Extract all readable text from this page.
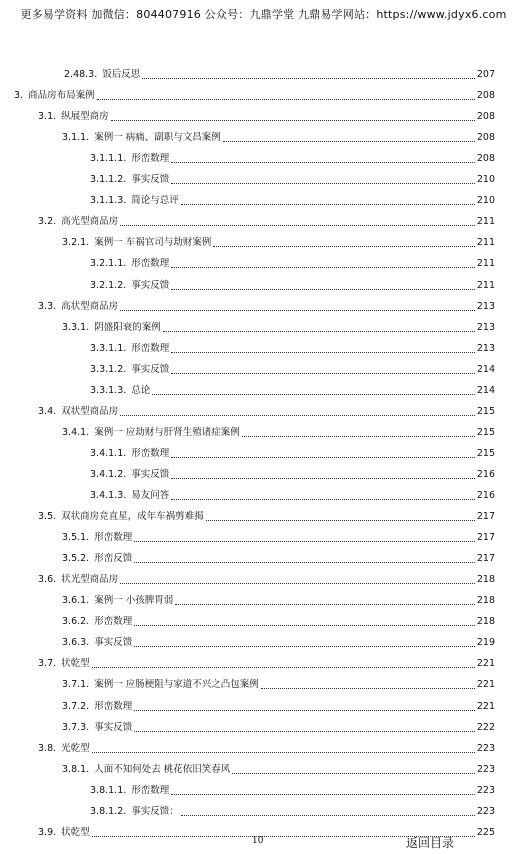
更多易学资料 加微信：804407916 公众号：九鼎学堂 九鼎易学网站：https://www.jdyx6.com
2.48.3. 饭后反思	207
3. 商品房布局案例	208
3.1. 纵展型商房	208
3.1.1. 案例一 病痛、副职与文昌案例	208
3.1.1.1. 形峦数理	208
3.1.1.2. 事实反馈	210
3.1.1.3. 简论与总评	210
3.2. 高光型商品房	211
3.2.1. 案例一 车祸官司与劫财案例	211
3.2.1.1. 形峦数理	211
3.2.1.2. 事实反馈	211
3.3. 高状型商品房	213
3.3.1. 阴盛阳衰的案例	213
3.3.1.1. 形峦数理	213
3.3.1.2. 事实反馈	214
3.3.1.3. 总论	214
3.4. 双状型商品房	215
3.4.1. 案例一 应劫财与肝肾生殖诸症案例	215
3.4.1.1. 形峦数理	215
3.4.1.2. 事实反馈	216
3.4.1.3. 易友问答	216
3.5. 双状商房竞直星，成年车祸剪难揭	217
3.5.1. 形峦数理	217
3.5.2. 形峦反馈	217
3.6. 状光型商品房	218
3.6.1. 案例一 小孩脾胃弱	218
3.6.2. 形峦数理	218
3.6.3. 事实反馈	219
3.7. 状乾型	221
3.7.1. 案例一 应肠梗阻与家道不兴之凸包案例	221
3.7.2. 形峦数理	221
3.7.3. 事实反馈	222
3.8. 光乾型	223
3.8.1. 人面不知何处去 桃花依旧笑春风	223
3.8.1.1. 形峦数理	223
3.8.1.2. 事实反馈：	223
3.9. 状乾型	225
10	返回目录
